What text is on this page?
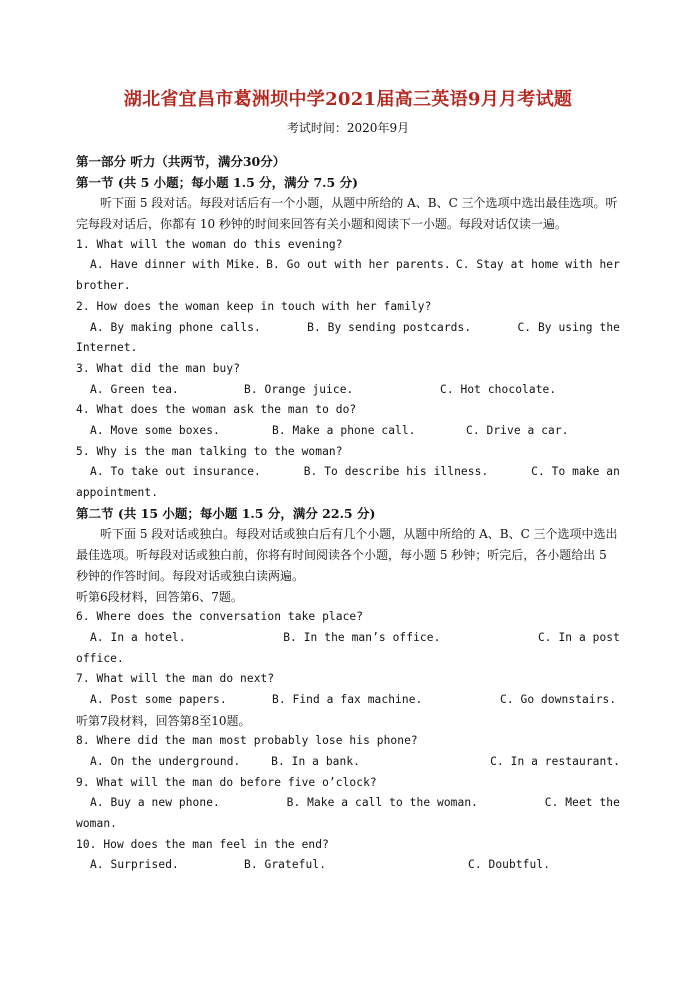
湖北省宜昌市葛洲坝中学2021届高三英语9月月考试题
考试时间：2020年9月
第一部分 听力（共两节，满分30分）
第一节 (共 5 小题；每小题 1.5 分，满分 7.5 分)
听下面 5 段对话。每段对话后有一个小题，从题中所给的 A、B、C 三个选项中选出最佳选项。听完每段对话后，你都有 10 秒钟的时间来回答有关小题和阅读下一小题。每段对话仅读一遍。
1. What will the woman do this evening?
A. Have dinner with Mike. B. Go out with her parents. C. Stay at home with her
brother.
2. How does the woman keep in touch with her family?
A. By making phone calls.	B. By sending postcards.	C. By using the
Internet.
3. What did the man buy?
A. Green tea.	B. Orange juice.	C. Hot chocolate.
4. What does the woman ask the man to do?
A. Move some boxes.	B. Make a phone call.	C. Drive a car.
5. Why is the man talking to the woman?
A. To take out insurance.	B. To describe his illness.	C. To make an
appointment.
第二节 (共 15 小题；每小题 1.5 分，满分 22.5 分)
听下面 5 段对话或独白。每段对话或独白后有几个小题，从题中所给的 A、B、C 三个选项中选出最佳选项。听每段对话或独白前，你将有时间阅读各个小题，每小题 5 秒钟；听完后，各小题给出 5 秒钟的作答时间。每段对话或独白读两遍。
听第6段材料，回答第6、7题。
6. Where does the conversation take place?
A. In a hotel.	B. In the man’s office.	C. In a post
office.
7. What will the man do next?
A. Post some papers.	B. Find a fax machine.	C. Go downstairs.
听第7段材料，回答第8至10题。
8. Where did the man most probably lose his phone?
A. On the underground.	B. In a bank.	C. In a restaurant.
9. What will the man do before five o’clock?
A. Buy a new phone.	B. Make a call to the woman.	C. Meet the
woman.
10. How does the man feel in the end?
A. Surprised.	B. Grateful.	C. Doubtful.
